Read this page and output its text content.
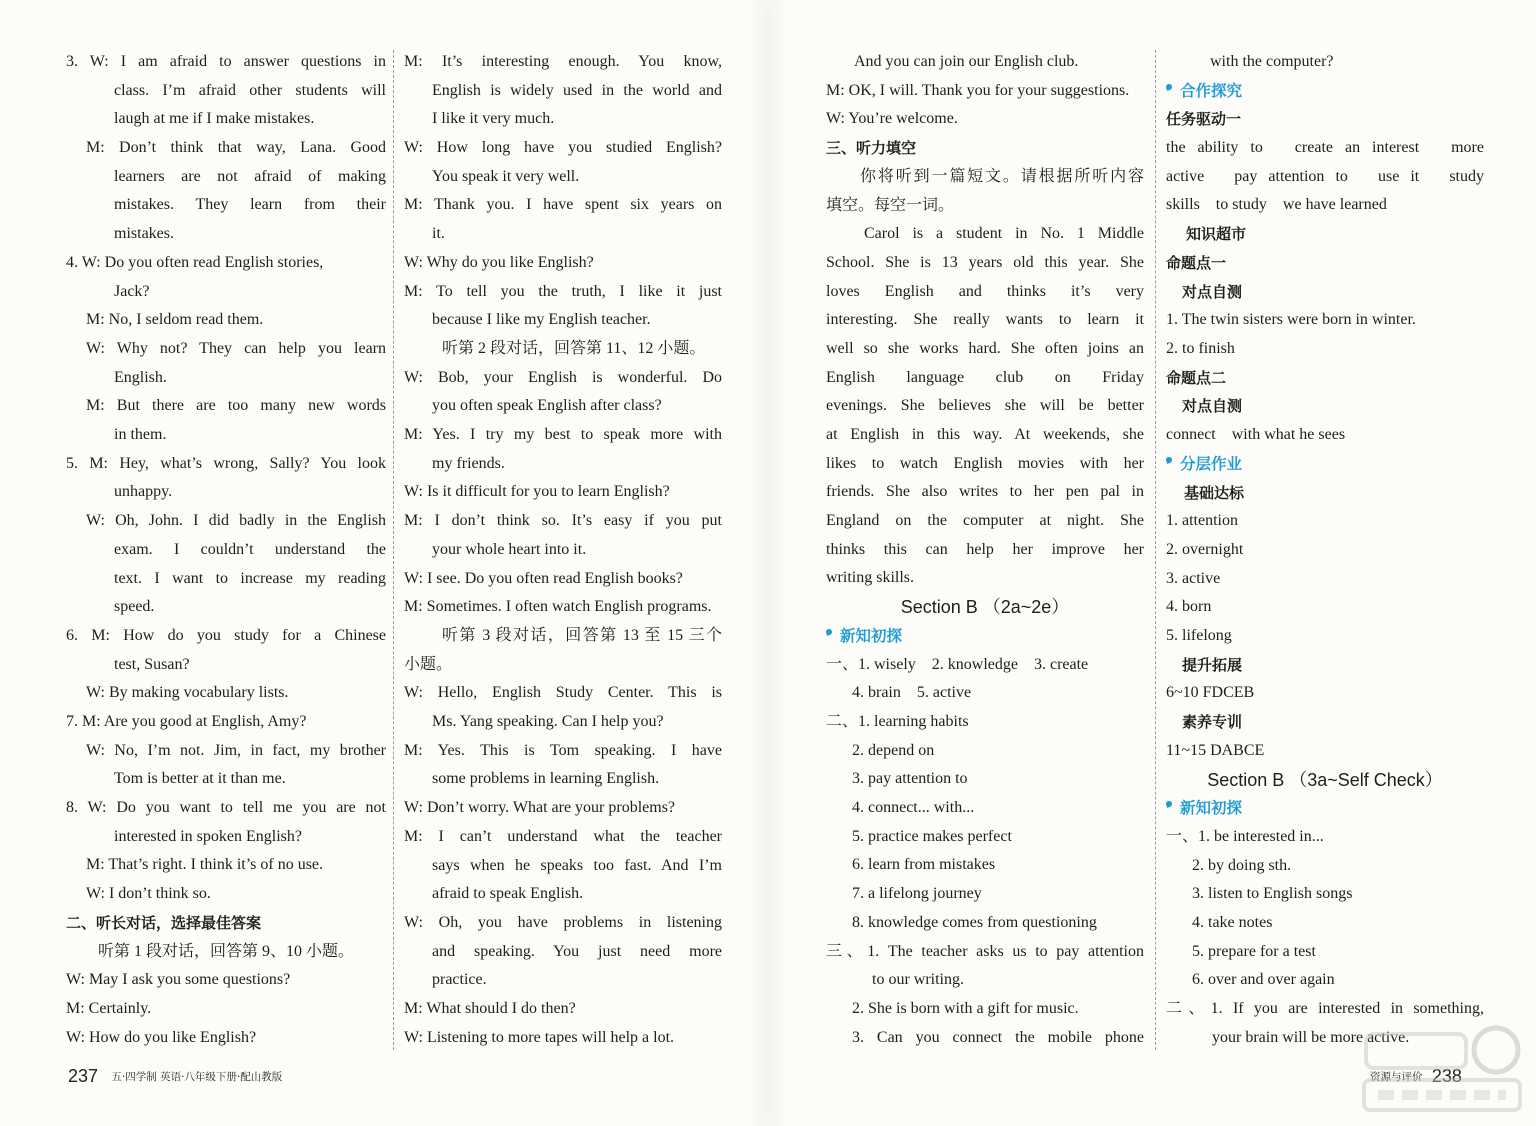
3. W: I am afraid to answer questions in
class. I’m afraid other students will
laugh at me if I make mistakes.
M: Don’t think that way, Lana. Good
learners are not afraid of making
mistakes. They learn from their
mistakes.
4. W: Do you often read English stories,
Jack?
M: No, I seldom read them.
W: Why not? They can help you learn
English.
M: But there are too many new words
in them.
5. M: Hey, what’s wrong, Sally? You look
unhappy.
W: Oh, John. I did badly in the English
exam. I couldn’t understand the
text. I want to increase my reading
speed.
6. M: How do you study for a Chinese
test, Susan?
W: By making vocabulary lists.
7. M: Are you good at English, Amy?
W: No, I’m not. Jim, in fact, my brother
Tom is better at it than me.
8. W: Do you want to tell me you are not
interested in spoken English?
M: That’s right. I think it’s of no use.
W: I don’t think so.
二、听长对话，选择最佳答案
听第 1 段对话，回答第 9、10 小题。
W: May I ask you some questions?
M: Certainly.
W: How do you like English?
M: It’s interesting enough. You know,
English is widely used in the world and
I like it very much.
W: How long have you studied English?
You speak it very well.
M: Thank you. I have spent six years on
it.
W: Why do you like English?
M: To tell you the truth, I like it just
because I like my English teacher.
听第 2 段对话，回答第 11、12 小题。
W: Bob, your English is wonderful. Do
you often speak English after class?
M: Yes. I try my best to speak more with
my friends.
W: Is it difficult for you to learn English?
M: I don’t think so. It’s easy if you put
your whole heart into it.
W: I see. Do you often read English books?
M: Sometimes. I often watch English programs.
听第 3 段对话，回答第 13 至 15 三个
小题。
W: Hello, English Study Center. This is
Ms. Yang speaking. Can I help you?
M: Yes. This is Tom speaking. I have
some problems in learning English.
W: Don’t worry. What are your problems?
M: I can’t understand what the teacher
says when he speaks too fast. And I’m
afraid to speak English.
W: Oh, you have problems in listening
and speaking. You just need more
practice.
M: What should I do then?
W: Listening to more tapes will help a lot.
And you can join our English club.
M: OK, I will. Thank you for your suggestions.
W: You’re welcome.
三、听力填空
你将听到一篇短文。请根据所听内容
填空。每空一词。
Carol is a student in No. 1 Middle
School. She is 13 years old this year. She
loves English and thinks it’s very
interesting. She really wants to learn it
well so she works hard. She often joins an
English language club on Friday
evenings. She believes she will be better
at English in this way. At weekends, she
likes to watch English movies with her
friends. She also writes to her pen pal in
England on the computer at night. She
thinks this can help her improve her
writing skills.
Section B （2a~2e）
新知初探
一、1. wisely　2. knowledge　3. create
4. brain　5. active
二、1. learning habits
2. depend on
3. pay attention to
4. connect... with...
5. practice makes perfect
6. learn from mistakes
7. a lifelong journey
8. knowledge comes from questioning
三、1. The teacher asks us to pay attention
to our writing.
2. She is born with a gift for music.
3. Can you connect the mobile phone
with the computer?
合作探究
任务驱动一
the ability to　create an interest　more
active　pay attention to　use it　study
skills　to study　we have learned
知识超市
命题点一
对点自测
1. The twin sisters were born in winter.
2. to finish
命题点二
对点自测
connect　with what he sees
分层作业
基础达标
1. attention
2. overnight
3. active
4. born
5. lifelong
提升拓展
6~10 FDCEB
素养专训
11~15 DABCE
Section B （3a~Self Check）
新知初探
一、1. be interested in...
2. by doing sth.
3. listen to English songs
4. take notes
5. prepare for a test
6. over and over again
二、1. If you are interested in something,
your brain will be more active.
237 五·四学制 英语·八年级下册·配山教版	资源与评价 238
